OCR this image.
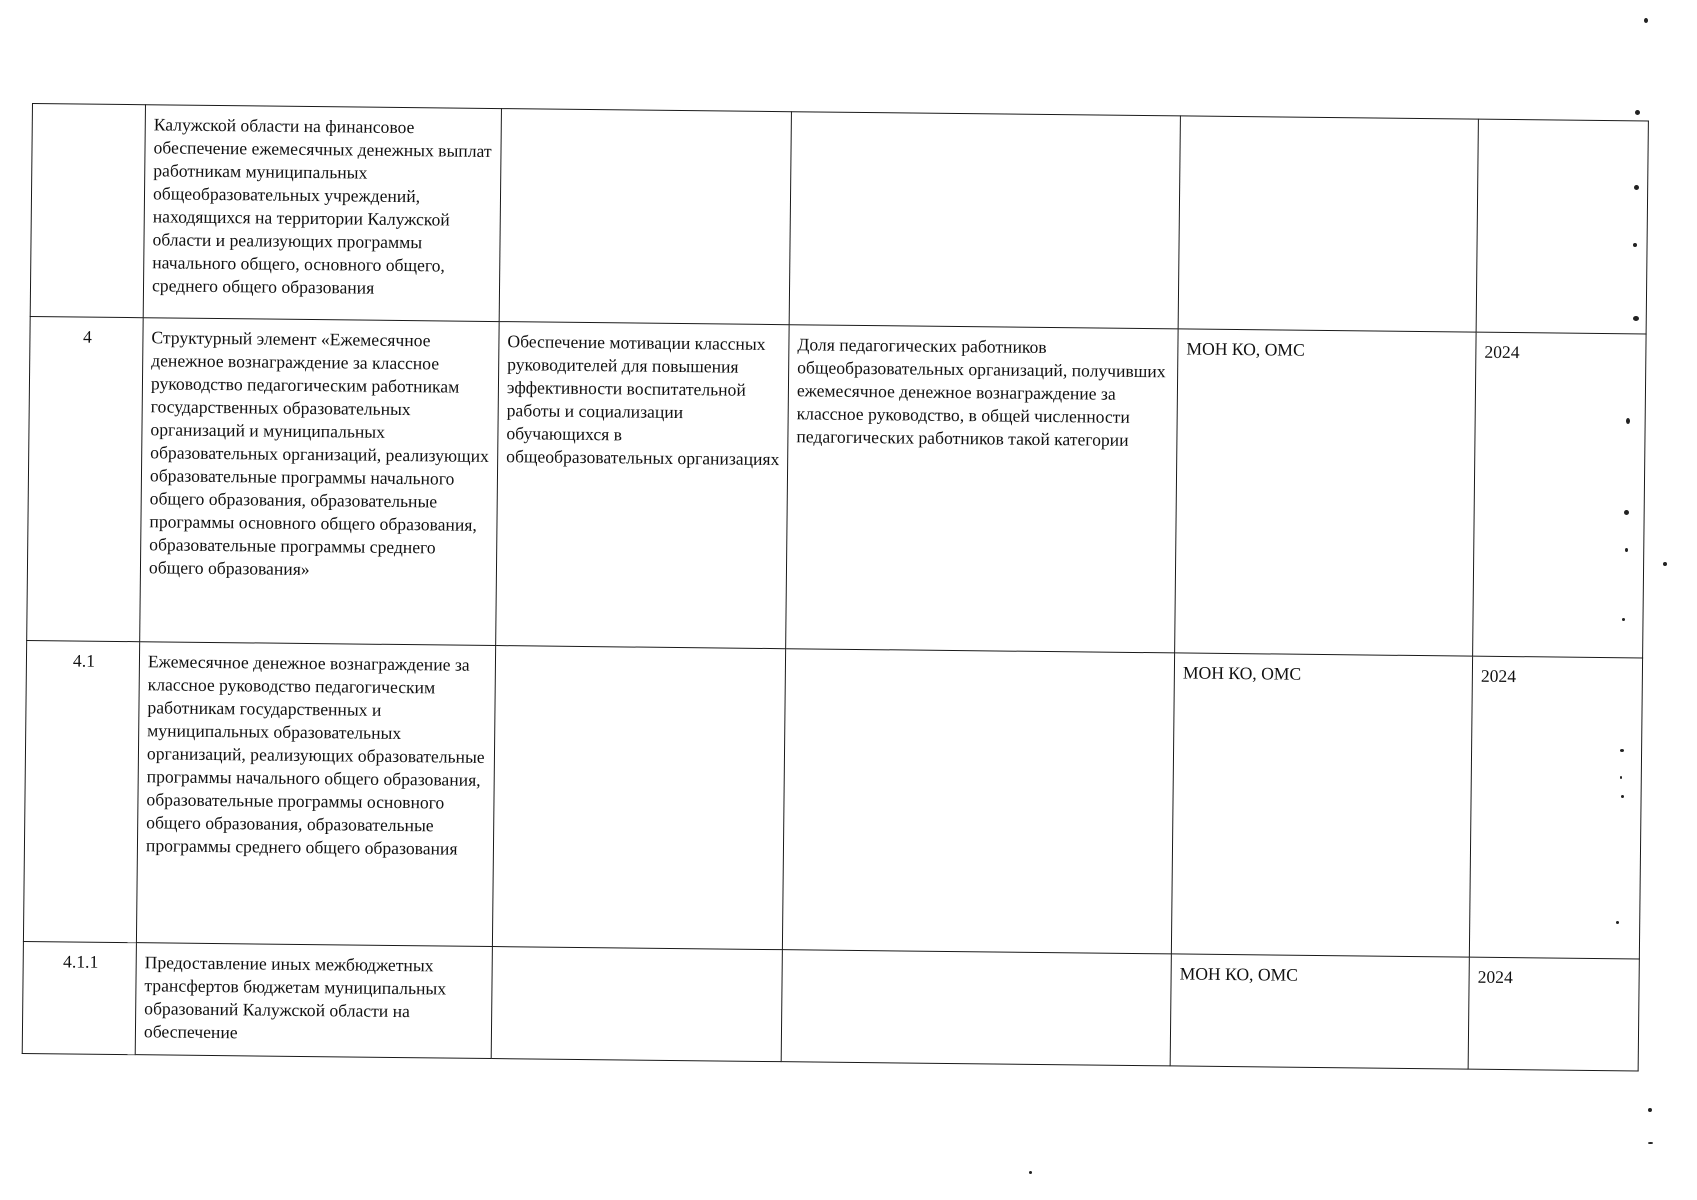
	Калужской области на финансовое обеспечение ежемесячных денежных выплат работникам муниципальных общеобразовательных учреждений, находящихся на территории Калужской области и реализующих программы начального общего, основного общего, среднего общего образования				

4	Структурный элемент «Ежемесячное денежное вознаграждение за классное руководство педагогическим работникам государственных образовательных организаций и муниципальных образовательных организаций, реализующих образовательные программы начального общего образования, образовательные программы основного общего образования, образовательные программы среднего общего образования»	Обеспечение мотивации классных руководителей для повышения эффективности воспитательной работы и социализации обучающихся в общеобразовательных организациях	Доля педагогических работников общеобразовательных организаций, получивших ежемесячное денежное вознаграждение за классное руководство, в общей численности педагогических работников такой категории	МОН КО, ОМС	2024

4.1	Ежемесячное денежное вознаграждение за классное руководство педагогическим работникам государственных и муниципальных образовательных организаций, реализующих образовательные программы начального общего образования, образовательные программы основного общего образования, образовательные программы среднего общего образования			МОН КО, ОМС	2024

4.1.1	Предоставление иных межбюджетных трансфертов бюджетам муниципальных образований Калужской области на обеспечение			МОН КО, ОМС	2024
